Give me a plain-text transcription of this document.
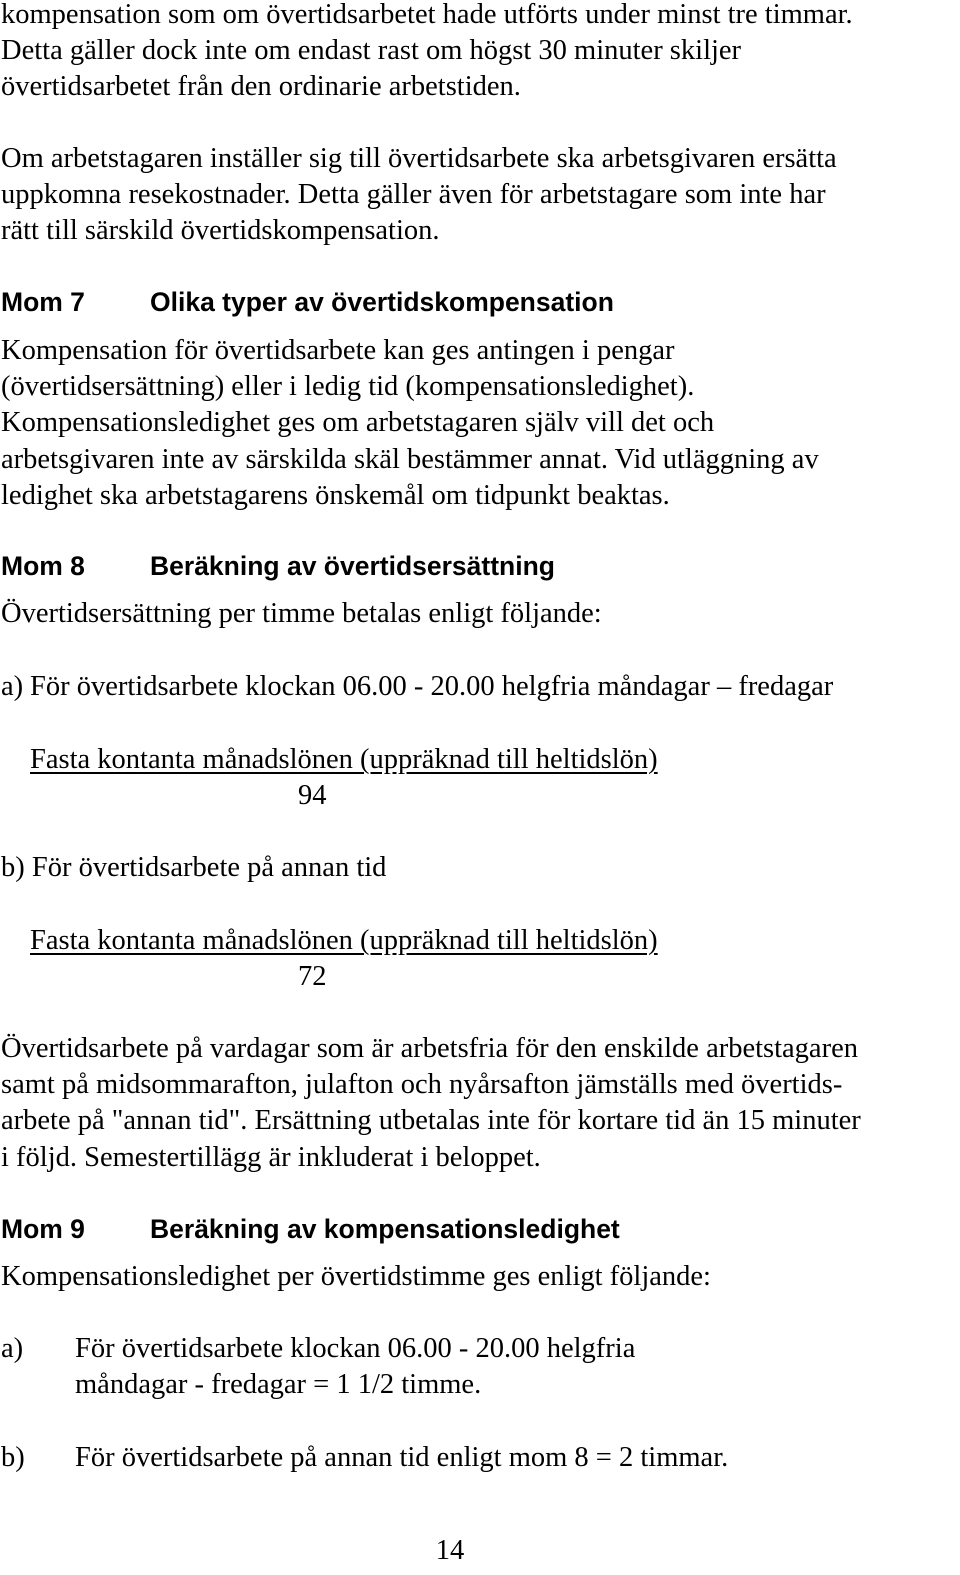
kompensation som om övertidsarbetet hade utförts under minst tre timmar.
Detta gäller dock inte om endast rast om högst 30 minuter skiljer
övertidsarbetet från den ordinarie arbetstiden.

Om arbetstagaren inställer sig till övertidsarbete ska arbetsgivaren ersätta
uppkomna resekostnader. Detta gäller även för arbetstagare som inte har
rätt till särskild övertidskompensation.

Mom 7 Olika typer av övertidskompensation

Kompensation för övertidsarbete kan ges antingen i pengar
(övertidsersättning) eller i ledig tid (kompensationsledighet).
Kompensationsledighet ges om arbetstagaren själv vill det och
arbetsgivaren inte av särskilda skäl bestämmer annat. Vid utläggning av
ledighet ska arbetstagarens önskemål om tidpunkt beaktas.

Mom 8 Beräkning av övertidsersättning

Övertidsersättning per timme betalas enligt följande:

a) För övertidsarbete klockan 06.00 - 20.00 helgfria måndagar – fredagar

Fasta kontanta månadslönen (uppräknad till heltidslön)

94

b) För övertidsarbete på annan tid

Fasta kontanta månadslönen (uppräknad till heltidslön)

72

Övertidsarbete på vardagar som är arbetsfria för den enskilde arbetstagaren
samt på midsommarafton, julafton och nyårsafton jämställs med övertids-
arbete på "annan tid". Ersättning utbetalas inte för kortare tid än 15 minuter
i följd. Semestertillägg är inkluderat i beloppet.

Mom 9 Beräkning av kompensationsledighet

Kompensationsledighet per övertidstimme ges enligt följande:

a) För övertidsarbete klockan 06.00 - 20.00 helgfria
måndagar - fredagar = 1 1/2 timme.
b) För övertidsarbete på annan tid enligt mom 8 = 2 timmar.

14
